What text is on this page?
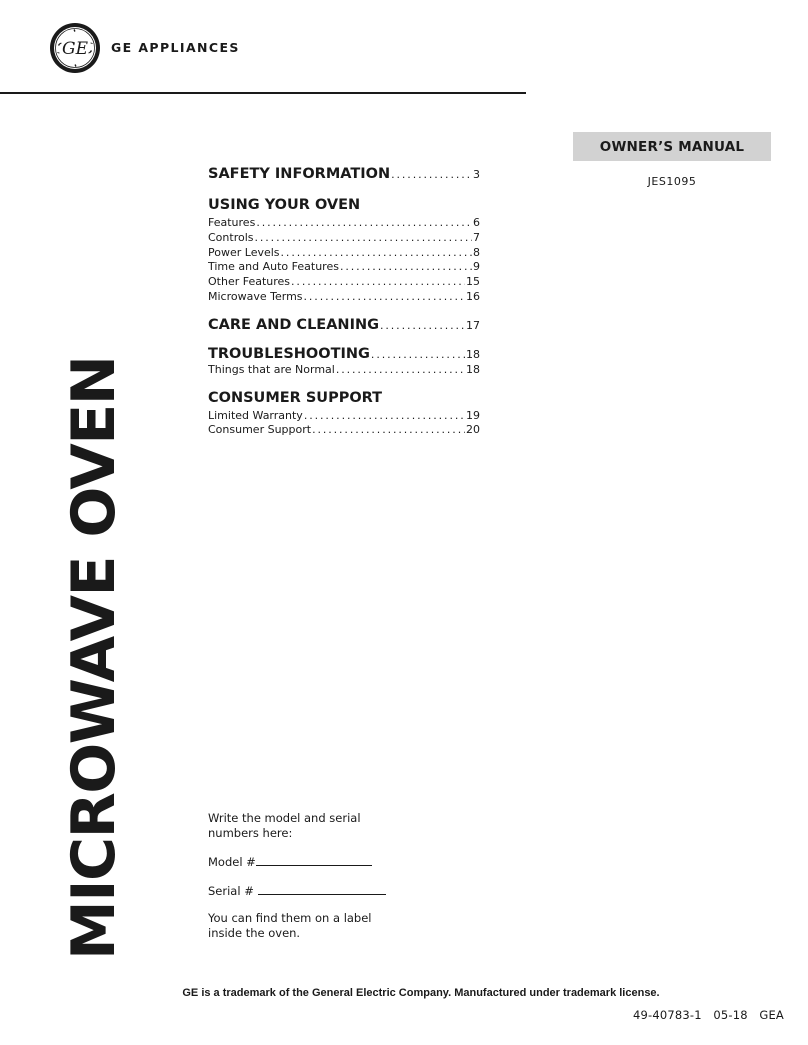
GE GE APPLIANCES
MICROWAVE OVEN
OWNER’S MANUAL
JES1095
SAFETY INFORMATION . . .	3
USING YOUR OVEN
Features . . .	6
Controls . . .	7
Power Levels . . .	8
Time and Auto Features . . .	9
Other Features . . .	15
Microwave Terms . . .	16
CARE AND CLEANING . . .	17
TROUBLESHOOTING . . .	18
Things that are Normal . . .	18
CONSUMER SUPPORT
Limited Warranty . . .	19
Consumer Support . . .	20

Write the model and serial numbers here:

Model #
Serial #

You can find them on a label inside the oven.

GE is a trademark of the General Electric Company. Manufactured under trademark license.
49-40783-1   05-18   GEA
